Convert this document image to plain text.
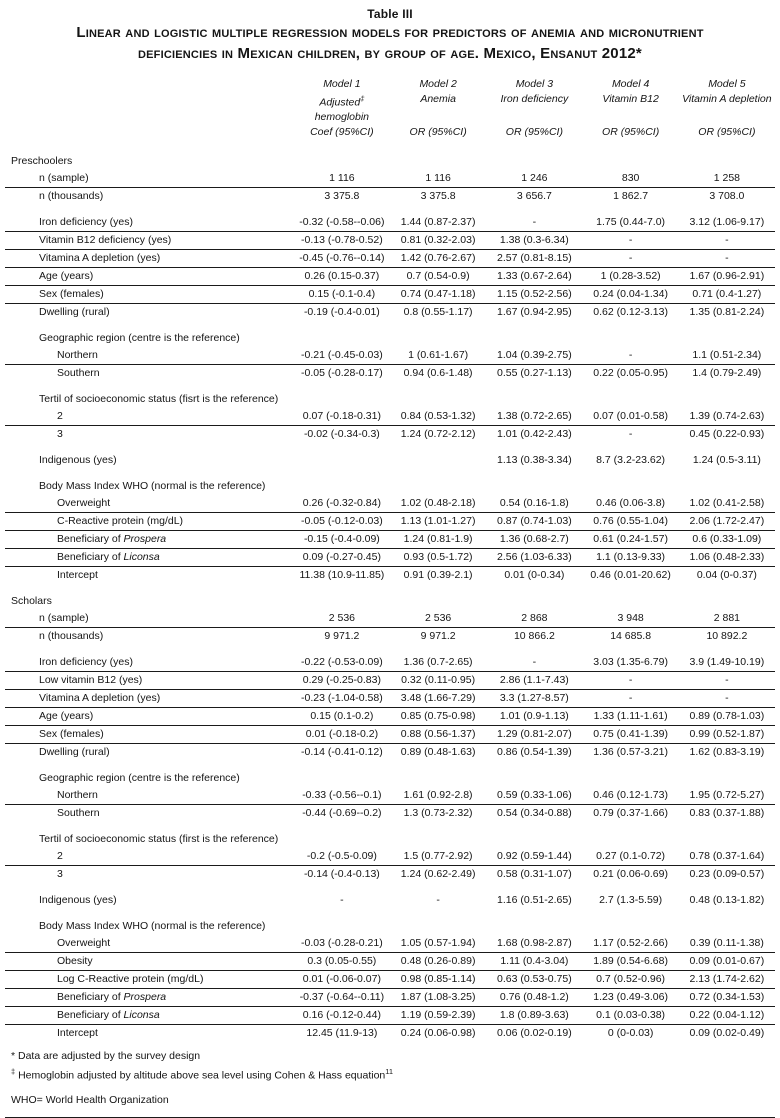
Table III
Linear and logistic multiple regression models for predictors of anemia and micronutrient deficiencies in Mexican children, by group of age. Mexico, Ensanut 2012*
	Model 1	Model 2	Model 3	Model 4	Model 5
	Adjusted‡ hemoglobin	Anemia	Iron deficiency	Vitamin B12	Vitamin A depletion
	Coef (95%CI)	OR (95%CI)	OR (95%CI)	OR (95%CI)	OR (95%CI)

Preschoolers					
n (sample)	1 116	1 116	1 246	830	1 258
n (thousands)	3 375.8	3 375.8	3 656.7	1 862.7	3 708.0

Iron deficiency (yes)	-0.32 (-0.58--0.06)	1.44 (0.87-2.37)	-	1.75 (0.44-7.0)	3.12 (1.06-9.17)
Vitamin B12 deficiency (yes)	-0.13 (-0.78-0.52)	0.81 (0.32-2.03)	1.38 (0.3-6.34)	-	-
Vitamina A depletion (yes)	-0.45 (-0.76--0.14)	1.42 (0.76-2.67)	2.57 (0.81-8.15)	-	-
Age (years)	0.26 (0.15-0.37)	0.7 (0.54-0.9)	1.33 (0.67-2.64)	1 (0.28-3.52)	1.67 (0.96-2.91)
Sex (females)	0.15 (-0.1-0.4)	0.74 (0.47-1.18)	1.15 (0.52-2.56)	0.24 (0.04-1.34)	0.71 (0.4-1.27)
Dwelling (rural)	-0.19 (-0.4-0.01)	0.8 (0.55-1.17)	1.67 (0.94-2.95)	0.62 (0.12-3.13)	1.35 (0.81-2.24)

Geographic region (centre is the reference)					
Northern	-0.21 (-0.45-0.03)	1 (0.61-1.67)	1.04 (0.39-2.75)	-	1.1 (0.51-2.34)
Southern	-0.05 (-0.28-0.17)	0.94 (0.6-1.48)	0.55 (0.27-1.13)	0.22 (0.05-0.95)	1.4 (0.79-2.49)

Tertil of socioeconomic status (fisrt is the reference)					
2	0.07 (-0.18-0.31)	0.84 (0.53-1.32)	1.38 (0.72-2.65)	0.07 (0.01-0.58)	1.39 (0.74-2.63)
3	-0.02 (-0.34-0.3)	1.24 (0.72-2.12)	1.01 (0.42-2.43)	-	0.45 (0.22-0.93)

Indigenous (yes)			1.13 (0.38-3.34)	8.7 (3.2-23.62)	1.24 (0.5-3.11)

Body Mass Index WHO (normal is the reference)					
Overweight	0.26 (-0.32-0.84)	1.02 (0.48-2.18)	0.54 (0.16-1.8)	0.46 (0.06-3.8)	1.02 (0.41-2.58)
C-Reactive protein (mg/dL)	-0.05 (-0.12-0.03)	1.13 (1.01-1.27)	0.87 (0.74-1.03)	0.76 (0.55-1.04)	2.06 (1.72-2.47)
Beneficiary of Prospera	-0.15 (-0.4-0.09)	1.24 (0.81-1.9)	1.36 (0.68-2.7)	0.61 (0.24-1.57)	0.6 (0.33-1.09)
Beneficiary of Liconsa	0.09 (-0.27-0.45)	0.93 (0.5-1.72)	2.56 (1.03-6.33)	1.1 (0.13-9.33)	1.06 (0.48-2.33)
Intercept	11.38 (10.9-11.85)	0.91 (0.39-2.1)	0.01 (0-0.34)	0.46 (0.01-20.62)	0.04 (0-0.37)

Scholars					
n (sample)	2 536	2 536	2 868	3 948	2 881
n (thousands)	9 971.2	9 971.2	10 866.2	14 685.8	10 892.2

Iron deficiency (yes)	-0.22 (-0.53-0.09)	1.36 (0.7-2.65)	-	3.03 (1.35-6.79)	3.9 (1.49-10.19)
Low vitamin B12 (yes)	0.29 (-0.25-0.83)	0.32 (0.11-0.95)	2.86 (1.1-7.43)	-	-
Vitamina A depletion (yes)	-0.23 (-1.04-0.58)	3.48 (1.66-7.29)	3.3 (1.27-8.57)	-	-
Age (years)	0.15 (0.1-0.2)	0.85 (0.75-0.98)	1.01 (0.9-1.13)	1.33 (1.11-1.61)	0.89 (0.78-1.03)
Sex (females)	0.01 (-0.18-0.2)	0.88 (0.56-1.37)	1.29 (0.81-2.07)	0.75 (0.41-1.39)	0.99 (0.52-1.87)
Dwelling (rural)	-0.14 (-0.41-0.12)	0.89 (0.48-1.63)	0.86 (0.54-1.39)	1.36 (0.57-3.21)	1.62 (0.83-3.19)

Geographic region (centre is the reference)					
Northern	-0.33 (-0.56--0.1)	1.61 (0.92-2.8)	0.59 (0.33-1.06)	0.46 (0.12-1.73)	1.95 (0.72-5.27)
Southern	-0.44 (-0.69--0.2)	1.3 (0.73-2.32)	0.54 (0.34-0.88)	0.79 (0.37-1.66)	0.83 (0.37-1.88)

Tertil of socioeconomic status (first is the reference)					
2	-0.2 (-0.5-0.09)	1.5 (0.77-2.92)	0.92 (0.59-1.44)	0.27 (0.1-0.72)	0.78 (0.37-1.64)
3	-0.14 (-0.4-0.13)	1.24 (0.62-2.49)	0.58 (0.31-1.07)	0.21 (0.06-0.69)	0.23 (0.09-0.57)

Indigenous (yes)	-	-	1.16 (0.51-2.65)	2.7 (1.3-5.59)	0.48 (0.13-1.82)

Body Mass Index WHO (normal is the reference)					
Overweight	-0.03 (-0.28-0.21)	1.05 (0.57-1.94)	1.68 (0.98-2.87)	1.17 (0.52-2.66)	0.39 (0.11-1.38)
Obesity	0.3 (0.05-0.55)	0.48 (0.26-0.89)	1.11 (0.4-3.04)	1.89 (0.54-6.68)	0.09 (0.01-0.67)
Log C-Reactive protein (mg/dL)	0.01 (-0.06-0.07)	0.98 (0.85-1.14)	0.63 (0.53-0.75)	0.7 (0.52-0.96)	2.13 (1.74-2.62)
Beneficiary of Prospera	-0.37 (-0.64--0.11)	1.87 (1.08-3.25)	0.76 (0.48-1.2)	1.23 (0.49-3.06)	0.72 (0.34-1.53)
Beneficiary of Liconsa	0.16 (-0.12-0.44)	1.19 (0.59-2.39)	1.8 (0.89-3.63)	0.1 (0.03-0.38)	0.22 (0.04-1.12)
Intercept	12.45 (11.9-13)	0.24 (0.06-0.98)	0.06 (0.02-0.19)	0 (0-0.03)	0.09 (0.02-0.49)
* Data are adjusted by the survey design
‡ Hemoglobin adjusted by altitude above sea level using Cohen & Hass equation$^{11}$
WHO= World Health Organization
